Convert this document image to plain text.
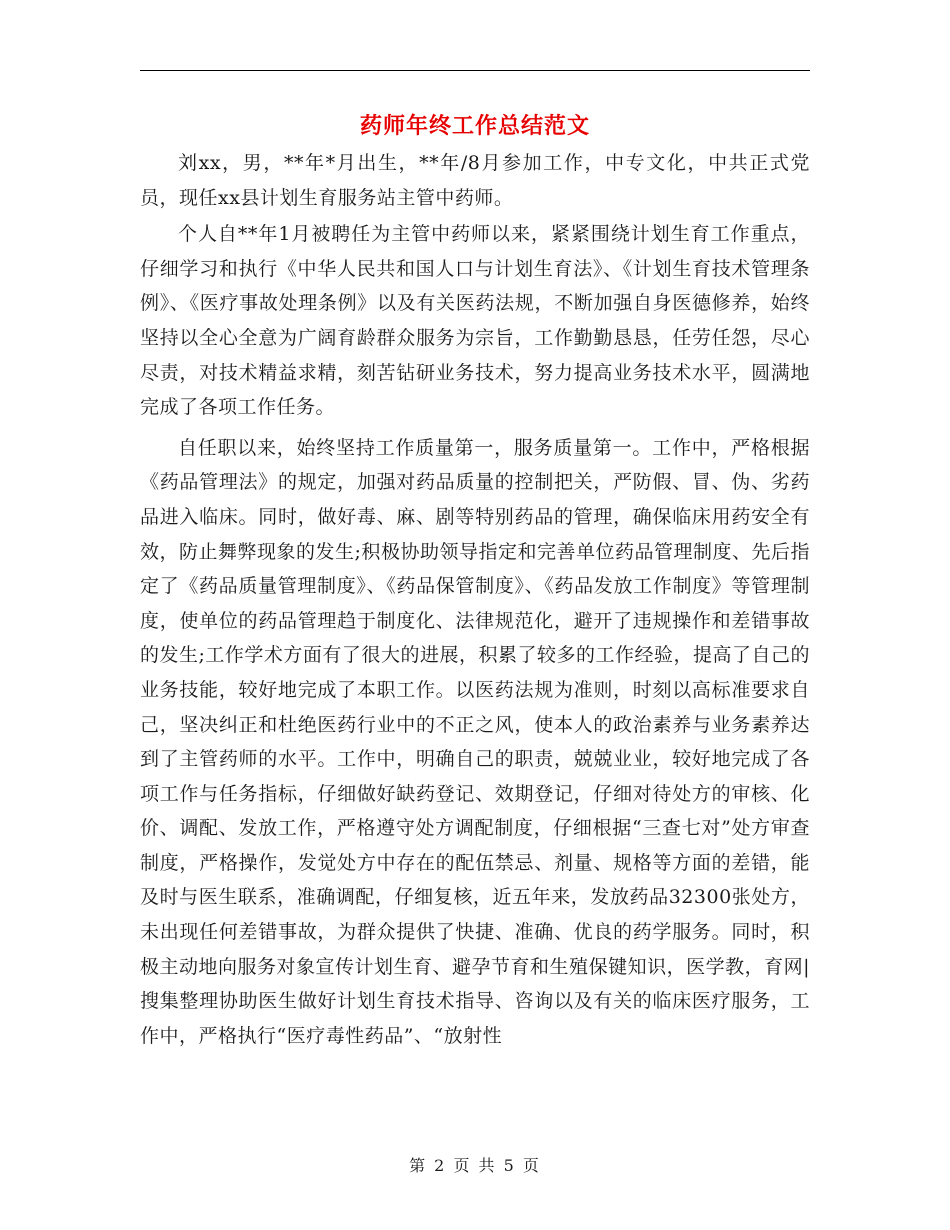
药师年终工作总结范文

刘xx，男，**年*月出生，**年/8月参加工作，中专文化，中共正式党员，现任xx县计划生育服务站主管中药师。

个人自**年1月被聘任为主管中药师以来，紧紧围绕计划生育工作重点，仔细学习和执行《中华人民共和国人口与计划生育法》、《计划生育技术管理条例》、《医疗事故处理条例》以及有关医药法规，不断加强自身医德修养，始终坚持以全心全意为广阔育龄群众服务为宗旨，工作勤勤恳恳，任劳任怨，尽心尽责，对技术精益求精，刻苦钻研业务技术，努力提高业务技术水平，圆满地完成了各项工作任务。

自任职以来，始终坚持工作质量第一，服务质量第一。工作中，严格根据《药品管理法》的规定，加强对药品质量的控制把关，严防假、冒、伪、劣药品进入临床。同时，做好毒、麻、剧等特别药品的管理，确保临床用药安全有效，防止舞弊现象的发生;积极协助领导指定和完善单位药品管理制度、先后指定了《药品质量管理制度》、《药品保管制度》、《药品发放工作制度》等管理制度，使单位的药品管理趋于制度化、法律规范化，避开了违规操作和差错事故的发生;工作学术方面有了很大的进展，积累了较多的工作经验，提高了自己的业务技能，较好地完成了本职工作。以医药法规为准则，时刻以高标准要求自己，坚决纠正和杜绝医药行业中的不正之风，使本人的政治素养与业务素养达到了主管药师的水平。工作中，明确自己的职责，兢兢业业，较好地完成了各项工作与任务指标，仔细做好缺药登记、效期登记，仔细对待处方的审核、化价、调配、发放工作，严格遵守处方调配制度，仔细根据“三查七对”处方审查制度，严格操作，发觉处方中存在的配伍禁忌、剂量、规格等方面的差错，能及时与医生联系，准确调配，仔细复核，近五年来，发放药品32300张处方，未出现任何差错事故，为群众提供了快捷、准确、优良的药学服务。同时，积极主动地向服务对象宣传计划生育、避孕节育和生殖保键知识，医学教，育网|搜集整理协助医生做好计划生育技术指导、咨询以及有关的临床医疗服务，工作中，严格执行“医疗毒性药品”、“放射性

第 2 页 共 5 页
